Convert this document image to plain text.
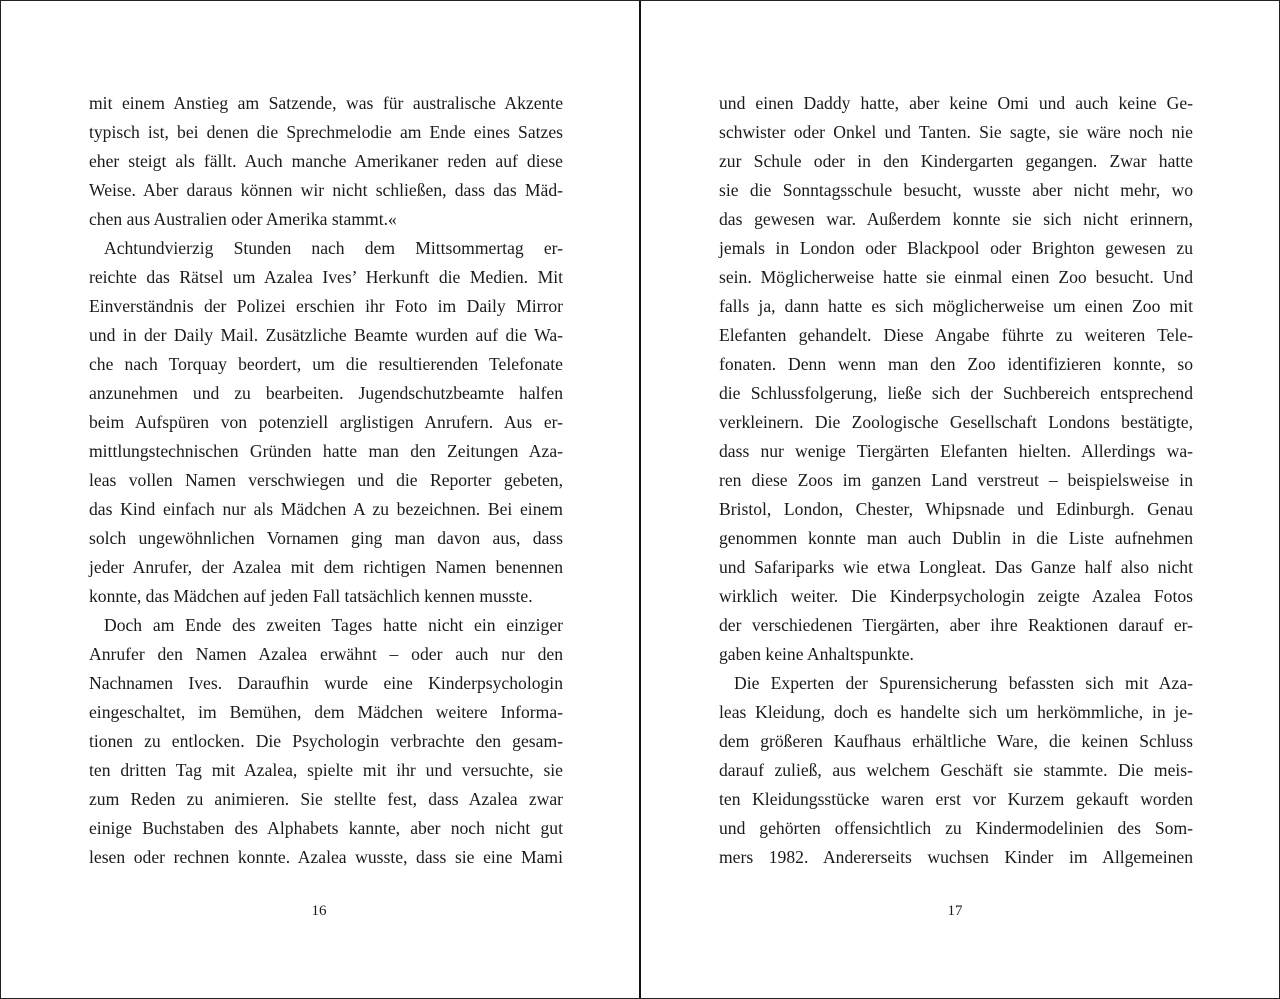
mit einem Anstieg am Satzende, was für australische Akzente
typisch ist, bei denen die Sprechmelodie am Ende eines Satzes
eher steigt als fällt. Auch manche Amerikaner reden auf diese
Weise. Aber daraus können wir nicht schließen, dass das Mäd-
chen aus Australien oder Amerika stammt.«
Achtundvierzig Stunden nach dem Mittsommertag er-
reichte das Rätsel um Azalea Ives’ Herkunft die Medien. Mit
Einverständnis der Polizei erschien ihr Foto im Daily Mirror
und in der Daily Mail. Zusätzliche Beamte wurden auf die Wa-
che nach Torquay beordert, um die resultierenden Telefonate
anzunehmen und zu bearbeiten. Jugendschutzbeamte halfen
beim Aufspüren von potenziell arglistigen Anrufern. Aus er-
mittlungstechnischen Gründen hatte man den Zeitungen Aza-
leas vollen Namen verschwiegen und die Reporter gebeten,
das Kind einfach nur als Mädchen A zu bezeichnen. Bei einem
solch ungewöhnlichen Vornamen ging man davon aus, dass
jeder Anrufer, der Azalea mit dem richtigen Namen benennen
konnte, das Mädchen auf jeden Fall tatsächlich kennen musste.
Doch am Ende des zweiten Tages hatte nicht ein einziger
Anrufer den Namen Azalea erwähnt – oder auch nur den
Nachnamen Ives. Daraufhin wurde eine Kinderpsychologin
eingeschaltet, im Bemühen, dem Mädchen weitere Informa-
tionen zu entlocken. Die Psychologin verbrachte den gesam-
ten dritten Tag mit Azalea, spielte mit ihr und versuchte, sie
zum Reden zu animieren. Sie stellte fest, dass Azalea zwar
einige Buchstaben des Alphabets kannte, aber noch nicht gut
lesen oder rechnen konnte. Azalea wusste, dass sie eine Mami
16
und einen Daddy hatte, aber keine Omi und auch keine Ge-
schwister oder Onkel und Tanten. Sie sagte, sie wäre noch nie
zur Schule oder in den Kindergarten gegangen. Zwar hatte
sie die Sonntagsschule besucht, wusste aber nicht mehr, wo
das gewesen war. Außerdem konnte sie sich nicht erinnern,
jemals in London oder Blackpool oder Brighton gewesen zu
sein. Möglicherweise hatte sie einmal einen Zoo besucht. Und
falls ja, dann hatte es sich möglicherweise um einen Zoo mit
Elefanten gehandelt. Diese Angabe führte zu weiteren Tele-
fonaten. Denn wenn man den Zoo identifizieren konnte, so
die Schlussfolgerung, ließe sich der Suchbereich entsprechend
verkleinern. Die Zoologische Gesellschaft Londons bestätigte,
dass nur wenige Tiergärten Elefanten hielten. Allerdings wa-
ren diese Zoos im ganzen Land verstreut – beispielsweise in
Bristol, London, Chester, Whipsnade und Edinburgh. Genau
genommen konnte man auch Dublin in die Liste aufnehmen
und Safariparks wie etwa Longleat. Das Ganze half also nicht
wirklich weiter. Die Kinderpsychologin zeigte Azalea Fotos
der verschiedenen Tiergärten, aber ihre Reaktionen darauf er-
gaben keine Anhaltspunkte.
Die Experten der Spurensicherung befassten sich mit Aza-
leas Kleidung, doch es handelte sich um herkömmliche, in je-
dem größeren Kaufhaus erhältliche Ware, die keinen Schluss
darauf zuließ, aus welchem Geschäft sie stammte. Die meis-
ten Kleidungsstücke waren erst vor Kurzem gekauft worden
und gehörten offensichtlich zu Kindermodelinien des Som-
mers 1982. Andererseits wuchsen Kinder im Allgemeinen
17
